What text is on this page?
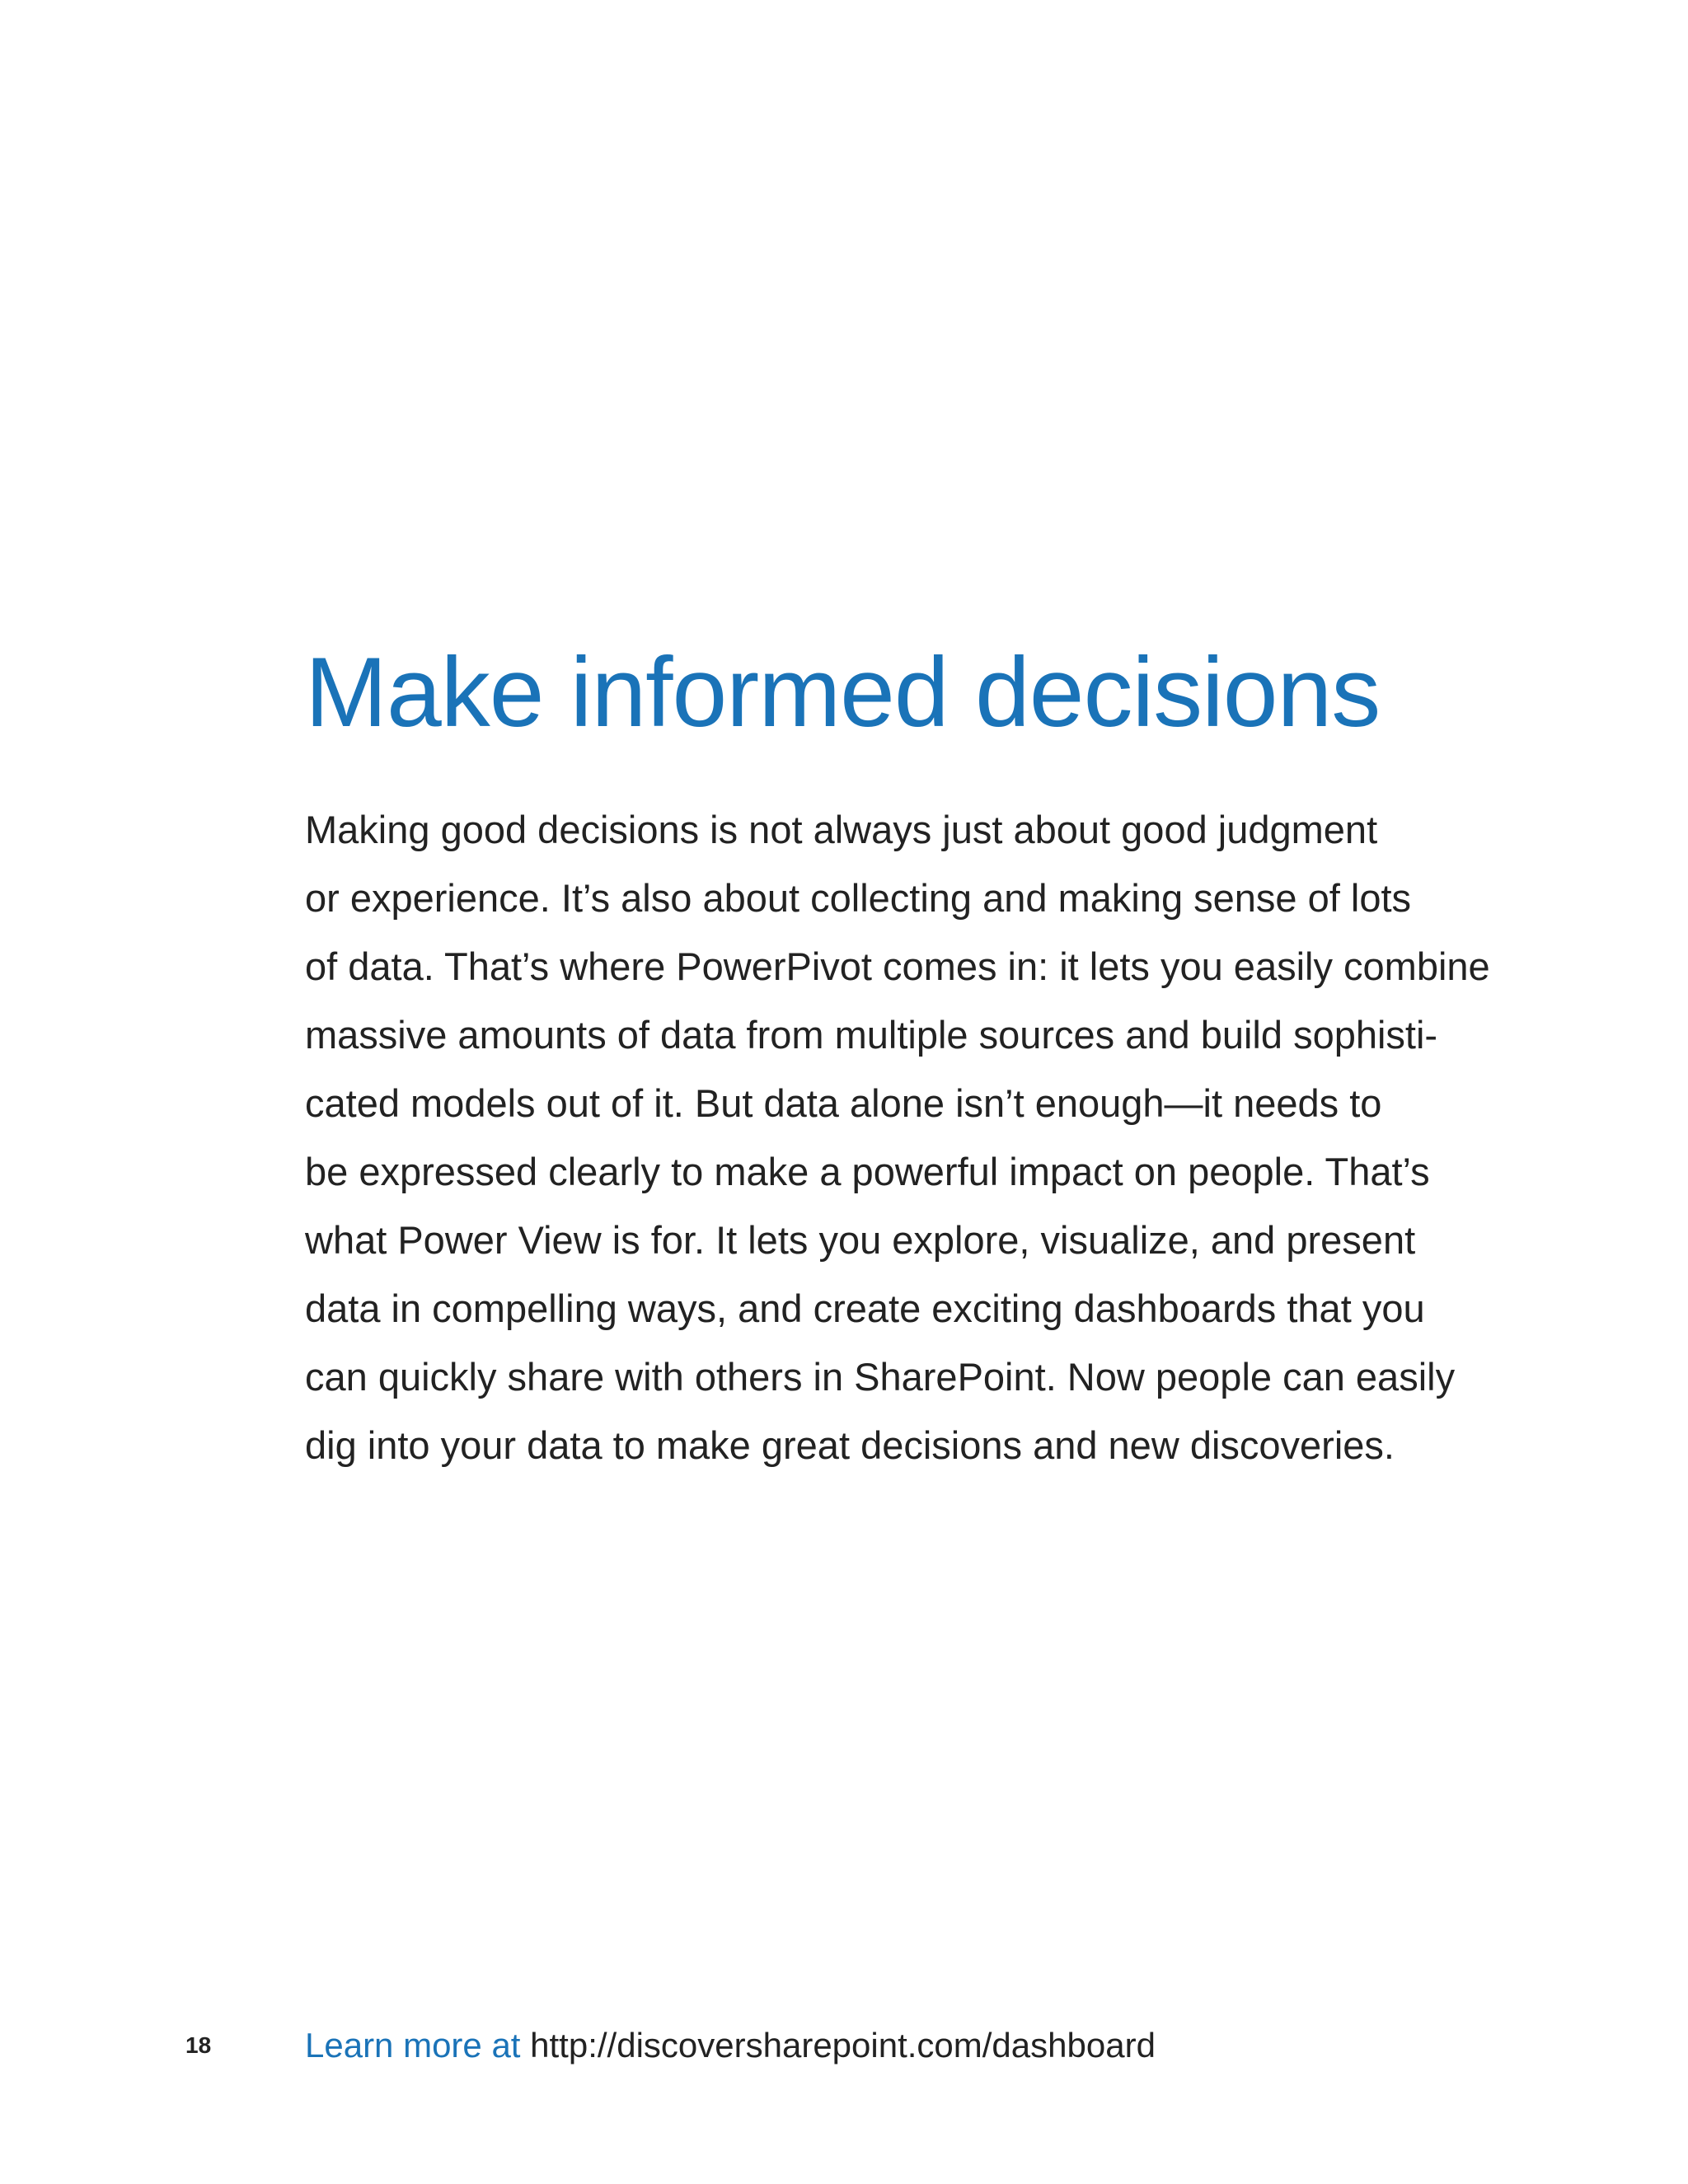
Make informed decisions
Making good decisions is not always just about good judgment
or experience. It’s also about collecting and making sense of lots
of data. That’s where PowerPivot comes in: it lets you easily combine
massive amounts of data from multiple sources and build sophisti-
cated models out of it. But data alone isn’t enough—it needs to
be expressed clearly to make a powerful impact on people. That’s
what Power View is for. It lets you explore, visualize, and present
data in compelling ways, and create exciting dashboards that you
can quickly share with others in SharePoint. Now people can easily
dig into your data to make great decisions and new discoveries.
18	Learn more at http://discoversharepoint.com/dashboard
